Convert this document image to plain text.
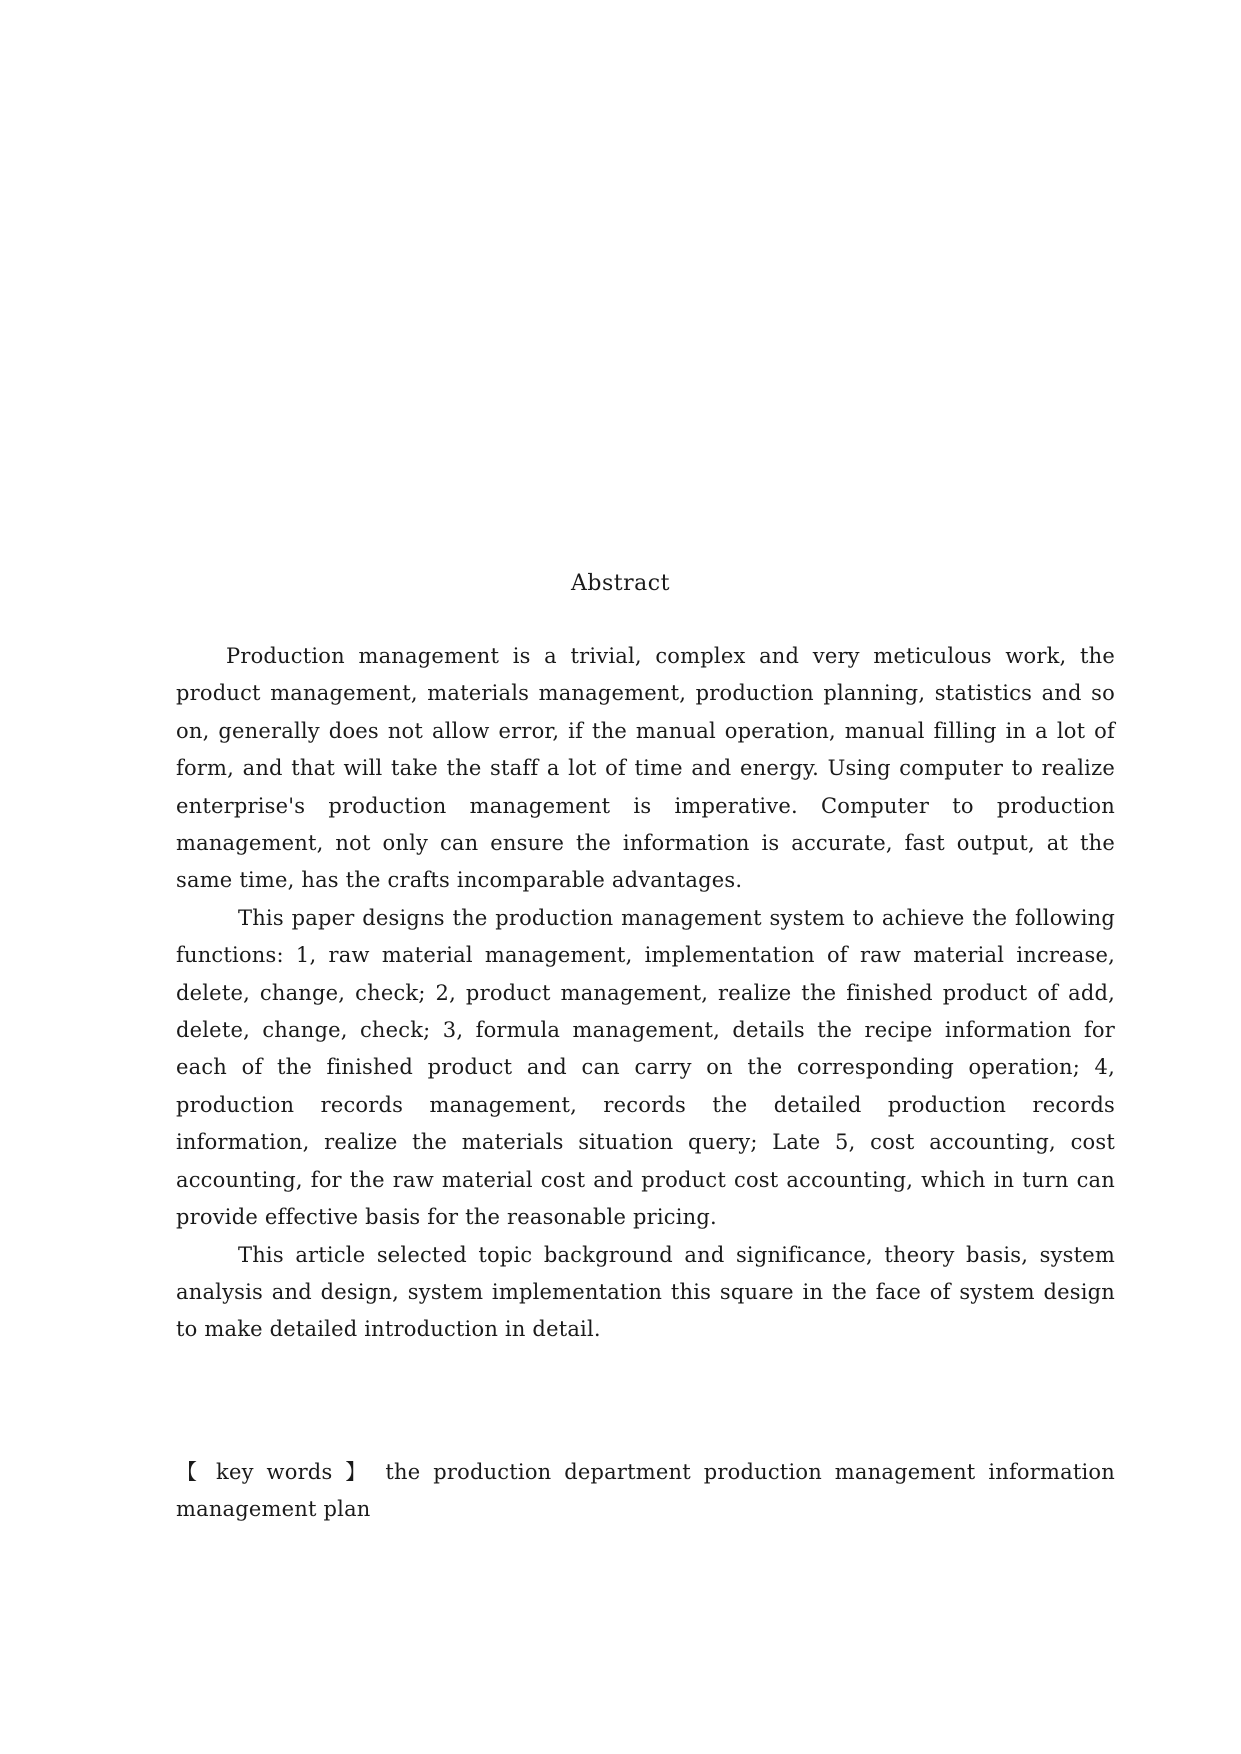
Abstract

Production management is a trivial, complex and very meticulous work, the product management, materials management, production planning, statistics and so on, generally does not allow error, if the manual operation, manual filling in a lot of form, and that will take the staff a lot of time and energy. Using computer to realize enterprise's production management is imperative. Computer to production management, not only can ensure the information is accurate, fast output, at the same time, has the crafts incomparable advantages.

This paper designs the production management system to achieve the following functions: 1, raw material management, implementation of raw material increase, delete, change, check; 2, product management, realize the finished product of add, delete, change, check; 3, formula management, details the recipe information for each of the finished product and can carry on the corresponding operation; 4, production records management, records the detailed production records information, realize the materials situation query; Late 5, cost accounting, cost accounting, for the raw material cost and product cost accounting, which in turn can provide effective basis for the reasonable pricing.

This article selected topic background and significance, theory basis, system analysis and design, system implementation this square in the face of system design to make detailed introduction in detail.

【 key words 】 the production department production management information management plan
